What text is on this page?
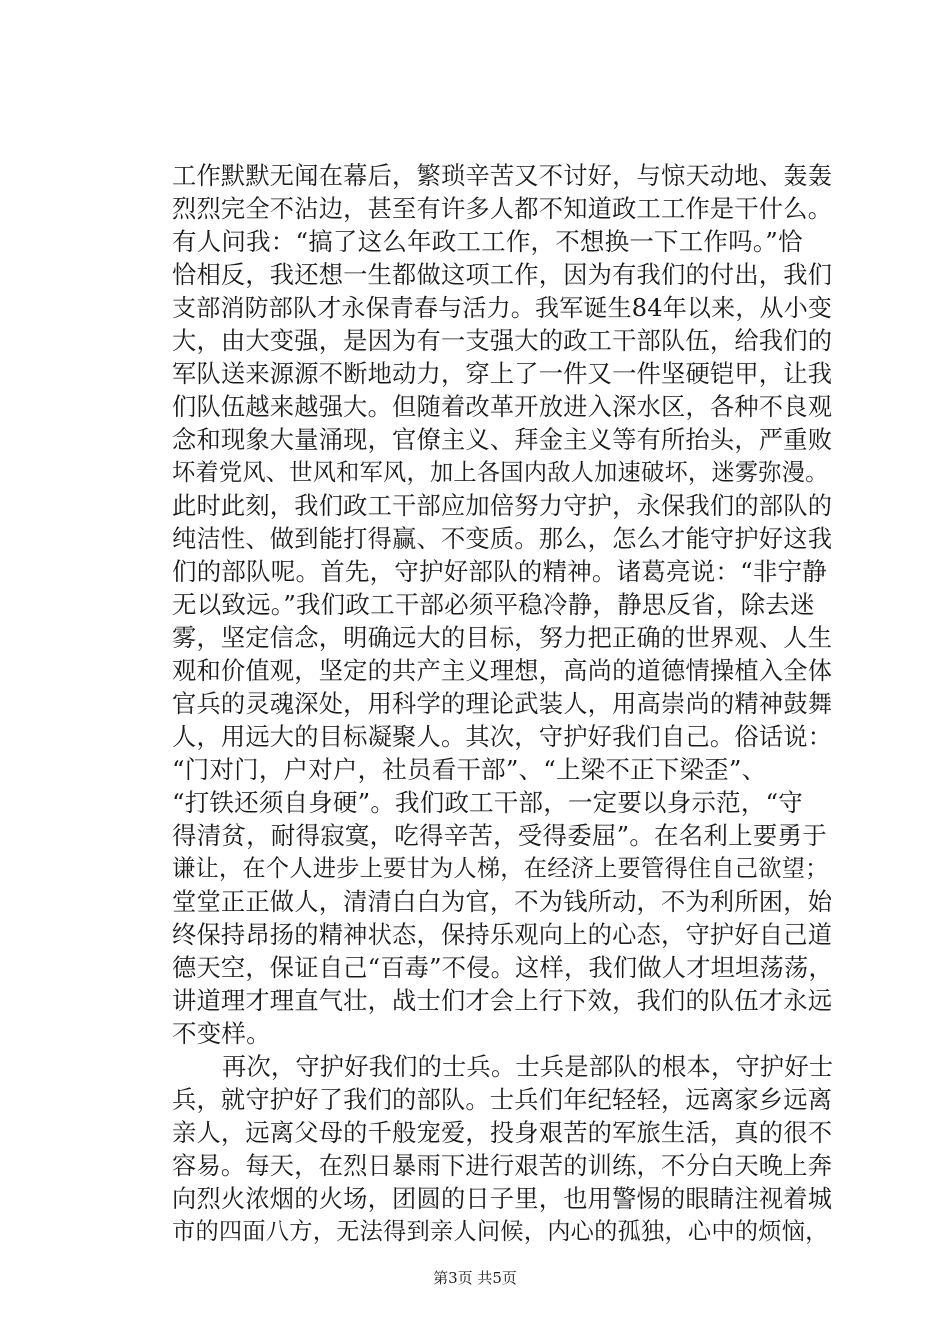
工作默默无闻在幕后，繁琐辛苦又不讨好，与惊天动地、轰轰
烈烈完全不沾边，甚至有许多人都不知道政工工作是干什么。
有人问我：“搞了这么年政工工作，不想换一下工作吗。”恰
恰相反，我还想一生都做这项工作，因为有我们的付出，我们
支部消防部队才永保青春与活力。我军诞生84年以来，从小变
大，由大变强，是因为有一支强大的政工干部队伍，给我们的
军队送来源源不断地动力，穿上了一件又一件坚硬铠甲，让我
们队伍越来越强大。但随着改革开放进入深水区，各种不良观
念和现象大量涌现，官僚主义、拜金主义等有所抬头，严重败
坏着党风、世风和军风，加上各国内敌人加速破坏，迷雾弥漫。
此时此刻，我们政工干部应加倍努力守护，永保我们的部队的
纯洁性、做到能打得赢、不变质。那么，怎么才能守护好这我
们的部队呢。首先，守护好部队的精神。诸葛亮说：“非宁静
无以致远。”我们政工干部必须平稳冷静，静思反省，除去迷
雾，坚定信念，明确远大的目标，努力把正确的世界观、人生
观和价值观，坚定的共产主义理想，高尚的道德情操植入全体
官兵的灵魂深处，用科学的理论武装人，用高崇尚的精神鼓舞
人，用远大的目标凝聚人。其次，守护好我们自己。俗话说：
“门对门，户对户，社员看干部”、“上梁不正下梁歪”、
“打铁还须自身硬”。我们政工干部，一定要以身示范，“守
得清贫，耐得寂寞，吃得辛苦，受得委屈”。在名利上要勇于
谦让，在个人进步上要甘为人梯，在经济上要管得住自己欲望；
堂堂正正做人，清清白白为官，不为钱所动，不为利所困，始
终保持昂扬的精神状态，保持乐观向上的心态，守护好自己道
德天空，保证自己“百毒”不侵。这样，我们做人才坦坦荡荡，
讲道理才理直气壮，战士们才会上行下效，我们的队伍才永远
不变样。
再次，守护好我们的士兵。士兵是部队的根本，守护好士
兵，就守护好了我们的部队。士兵们年纪轻轻，远离家乡远离
亲人，远离父母的千般宠爱，投身艰苦的军旅生活，真的很不
容易。每天，在烈日暴雨下进行艰苦的训练，不分白天晚上奔
向烈火浓烟的火场，团圆的日子里，也用警惕的眼睛注视着城
市的四面八方，无法得到亲人问候，内心的孤独，心中的烦恼，
第3页 共5页
